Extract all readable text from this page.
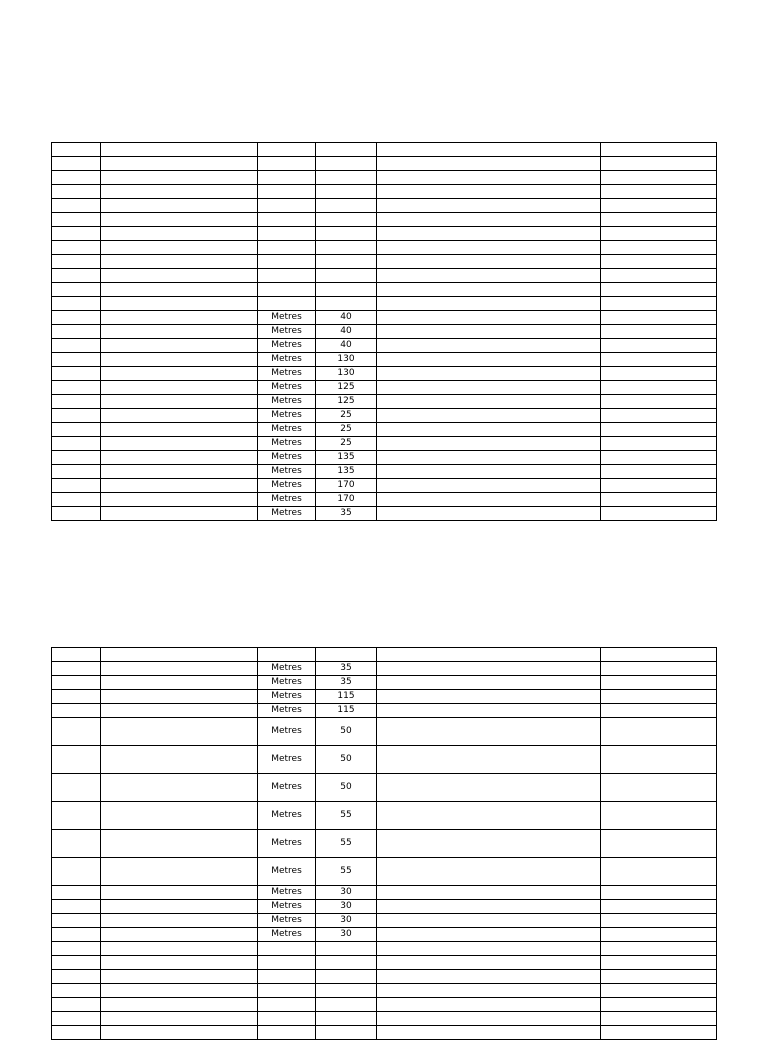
		Metres	40		
		Metres	40		
		Metres	40		
		Metres	130		
		Metres	130		
		Metres	125		
		Metres	125		
		Metres	25		
		Metres	25		
		Metres	25		
		Metres	135		
		Metres	135		
		Metres	170		
		Metres	170		
		Metres	35		

		Metres	35		
		Metres	35		
		Metres	115		
		Metres	115		
		Metres	50		
		Metres	50		
		Metres	50		
		Metres	55		
		Metres	55		
		Metres	55		
		Metres	30		
		Metres	30		
		Metres	30		
		Metres	30		
